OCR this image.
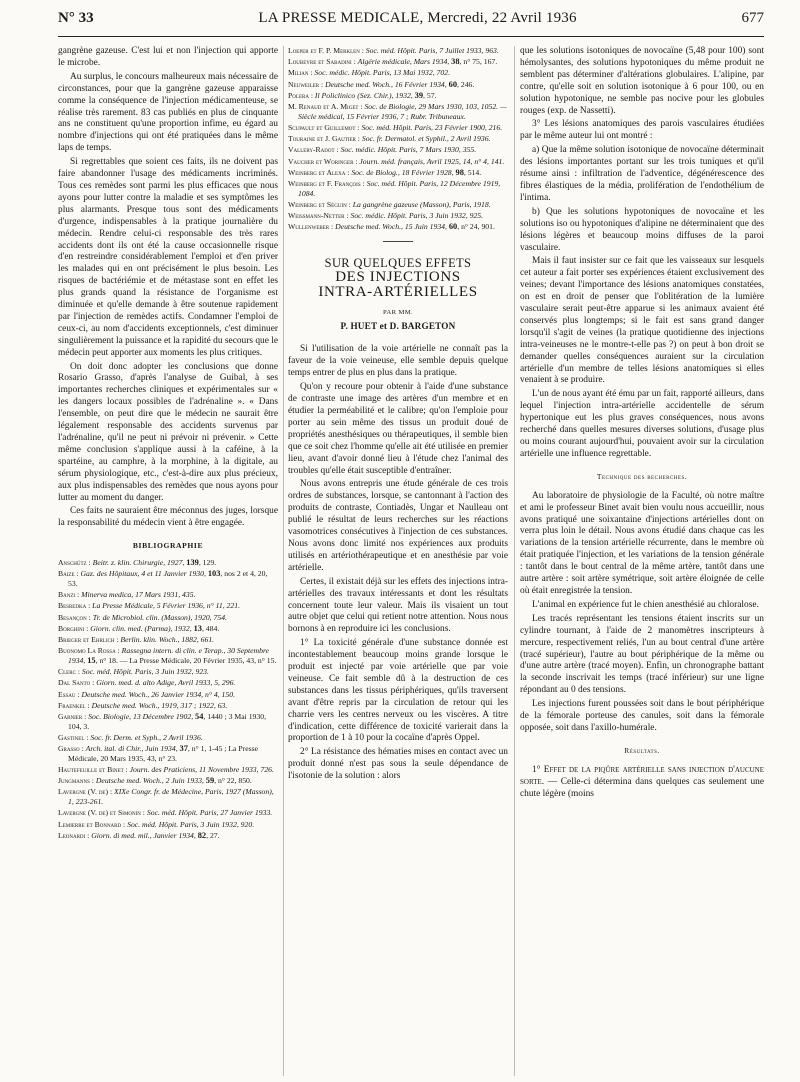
N° 33	LA PRESSE MEDICALE, Mercredi, 22 Avril 1936	677

gangrène gazeuse. C'est lui et non l'injection qui apporte le microbe.

Au surplus, le concours malheureux mais nécessaire de circonstances, pour que la gangrène gazeuse apparaisse comme la conséquence de l'injection médicamenteuse, se réalise très rarement. 83 cas publiés en plus de cinquante ans ne constituent qu'une proportion infime, eu égard au nombre d'injections qui ont été pratiquées dans le même laps de temps.

Si regrettables que soient ces faits, ils ne doivent pas faire abandonner l'usage des médicaments incriminés. Tous ces remèdes sont parmi les plus efficaces que nous ayons pour lutter contre la maladie et ses symptômes les plus alarmants. Presque tous sont des médicaments d'urgence, indispensables à la pratique journalière du médecin. Rendre celui-ci responsable des très rares accidents dont ils ont été la cause occasionnelle risque d'en restreindre considérablement l'emploi et d'en priver les malades qui en ont précisément le plus besoin. Les risques de bactériémie et de métastase sont en effet les plus grands quand la résistance de l'organisme est diminuée et qu'elle demande à être soutenue rapidement par l'injection de remèdes actifs. Condamner l'emploi de ceux-ci, au nom d'accidents exceptionnels, c'est diminuer singulièrement la puissance et la rapidité du secours que le médecin peut apporter aux moments les plus critiques.

On doit donc adopter les conclusions que donne Rosario Grasso, d'après l'analyse de Guibal, à ses importantes recherches cliniques et expérimentales sur « les dangers locaux possibles de l'adrénaline ». « Dans l'ensemble, on peut dire que le médecin ne saurait être légalement responsable des accidents survenus par l'adrénaline, qu'il ne peut ni prévoir ni prévenir. » Cette même conclusion s'applique aussi à la caféine, à la spartéine, au camphre, à la morphine, à la digitale, au sérum physiologique, etc., c'est-à-dire aux plus précieux, aux plus indispensables des remèdes que nous ayons pour lutter au moment du danger.

Ces faits ne sauraient être méconnus des juges, lorsque la responsabilité du médecin vient à être engagée.

BIBLIOGRAPHIE
Anschütz : Beitr. z. klin. Chirurgie, 1927, 139, 129.
Baize : Gaz. des Hôpitaux, 4 et 11 Janvier 1930, 103, nos 2 et 4, 20, 53.
Banzi : Minerva medica, 17 Mars 1931, 435.
Besredka : La Presse Médicale, 5 Février 1936, n° 11, 221.
Besançon : Tr. de Microbiol. clin. (Masson), 1920, 754.
Borghini : Giorn. clin. med. (Parma), 1932, 13, 484.
Brieger et Ehrlich : Berlin. klin. Woch., 1882, 661.
Buonomo La Rossa : Rassegna intern. di clin. e Terap., 30 Septembre 1934, 15, n° 18. — La Presse Médicale, 20 Février 1935, 43, n° 15.
Clerc : Soc. méd. Hôpit. Paris, 3 Juin 1932, 923.
Dal Santo : Giorn. med. d. alto Adige, Avril 1933, 5, 296.
Essau : Deutsche med. Woch., 26 Janvier 1934, n° 4, 150.
Fraenkel : Deutsche med. Woch., 1919, 317 ; 1922, 63.
Garnier : Soc. Biologie, 13 Décembre 1902, 54, 1440 ; 3 Mai 1930, 104, 3.
Gastinel : Soc. fr. Derm. et Syph., 2 Avril 1936.
Grasso : Arch. ital. di Chir., Juin 1934, 37, n° 1, 1-45 ; La Presse Médicale, 20 Mars 1935, 43, n° 23.
Hautefeuille et Binet : Journ. des Praticiens, 11 Novembre 1933, 726.
Jungmanns : Deutsche med. Woch., 2 Juin 1933, 59, n° 22, 850.
Lavergne (V. de) : XIXe Congr. fr. de Médecine, Paris, 1927 (Masson), 1, 223-261.
Lavergne (V. de) et Simonin : Soc. méd. Hôpit. Paris, 27 Janvier 1933.
Lemierre et Bonnard : Soc. méd. Hôpit. Paris, 3 Juin 1932, 920.
Leonardi : Giorn. di med. mil., Janvier 1934, 82, 27.
Loeper et F. P. Merklen : Soc. méd. Hôpit. Paris, 7 Juillet 1933, 963.
Loubeyre et Sabadini : Algérie médicale, Mars 1934, 38, n° 75, 167.
Milian : Soc. médic. Hôpit. Paris, 13 Mai 1932, 702.
Neuweiler : Deutsche med. Woch., 16 Février 1934, 60, 246.
Polera : Il Policlinico (Sez. Chir.), 1932, 39, 57.
M. Renaud et A. Miget : Soc. de Biologie, 29 Mars 1930, 103, 1052. — Siècle médical, 15 Février 1936, 7 ; Rubr. Tribuneaux.
Scupault et Guillemot : Soc. méd. Hôpit. Paris, 23 Février 1900, 216.
Touraine et J. Gautier : Soc. fr. Dermatol. et Syphil., 2 Avril 1936.
Vallery-Radot : Soc. médic. Hôpit. Paris, 7 Mars 1930, 355.
Vaucher et Woringer : Journ. méd. français, Avril 1925, 14, n° 4, 141.
Weinberg et Alexa : Soc. de Biolog., 18 Février 1928, 98, 514.
Weinberg et F. François : Soc. méd. Hôpit. Paris, 12 Décembre 1919, 1084.
Weinberg et Séguin : La gangrène gazeuse (Masson), Paris, 1918.
Weissmann-Netter : Soc. médic. Hôpit. Paris, 3 Juin 1932, 925.
Wullenweber : Deutsche med. Woch., 15 Juin 1934, 60, n° 24, 901.
SUR QUELQUES EFFETS
DES INJECTIONS
INTRA-ARTÉRIELLES
PAR MM.
P. HUET et D. BARGETON

Si l'utilisation de la voie artérielle ne connaît pas la faveur de la voie veineuse, elle semble depuis quelque temps entrer de plus en plus dans la pratique.

Qu'on y recoure pour obtenir à l'aide d'une substance de contraste une image des artères d'un membre et en étudier la perméabilité et le calibre; qu'on l'emploie pour porter au sein même des tissus un produit doué de propriétés anesthésiques ou thérapeutiques, il semble bien que ce soit chez l'homme qu'elle ait été utilisée en premier lieu, avant d'avoir donné lieu à l'étude chez l'animal des troubles qu'elle était susceptible d'entraîner.

Nous avons entrepris une étude générale de ces trois ordres de substances, lorsque, se cantonnant à l'action des produits de contraste, Contiadès, Ungar et Naulleau ont publié le résultat de leurs recherches sur les réactions vasomotrices consécutives à l'injection de ces substances. Nous avons donc limité nos expériences aux produits utilisés en artériothérapeutique et en anesthésie par voie artérielle.

Certes, il existait déjà sur les effets des injections intra-artérielles des travaux intéressants et dont les résultats concernent toute leur valeur. Mais ils visaient un tout autre objet que celui qui retient notre attention. Nous nous bornons à en reproduire ici les conclusions.

1° La toxicité générale d'une substance donnée est incontestablement beaucoup moins grande lorsque le produit est injecté par voie artérielle que par voie veineuse. Ce fait semble dû à la destruction de ces substances dans les tissus périphériques, qu'ils traversent avant d'être repris par la circulation de retour qui les charrie vers les centres nerveux ou les viscères. A titre d'indication, cette différence de toxicité varierait dans la proportion de 1 à 10 pour la cocaïne d'après Oppel.

2° La résistance des hématies mises en contact avec un produit donné n'est pas sous la seule dépendance de l'isotonie de la solution : alors

que les solutions isotoniques de novocaïne (5,48 pour 100) sont hémolysantes, des solutions hypotoniques du même produit ne semblent pas déterminer d'altérations globulaires. L'alipine, par contre, qu'elle soit en solution isotonique à 6 pour 100, ou en solution hypotonique, ne semble pas nocive pour les globules rouges (exp. de Nassetti).

3° Les lésions anatomiques des parois vasculaires étudiées par le même auteur lui ont montré :

a) Que la même solution isotonique de novocaïne déterminait des lésions importantes portant sur les trois tuniques et qu'il résume ainsi : infiltration de l'adventice, dégénérescence des fibres élastiques de la média, prolifération de l'endothélium de l'intima.

b) Que les solutions hypotoniques de novocaïne et les solutions iso ou hypotoniques d'alipine ne déterminaient que des lésions légères et beaucoup moins diffuses de la paroi vasculaire.

Mais il faut insister sur ce fait que les vaisseaux sur lesquels cet auteur a fait porter ses expériences étaient exclusivement des veines; devant l'importance des lésions anatomiques constatées, on est en droit de penser que l'oblitération de la lumière vasculaire serait peut-être apparue si les animaux avaient été conservés plus longtemps; si le fait est sans grand danger lorsqu'il s'agit de veines (la pratique quotidienne des injections intra-veineuses ne le montre-t-elle pas ?) on peut à bon droit se demander quelles conséquences auraient sur la circulation artérielle d'un membre de telles lésions anatomiques si elles venaient à se produire.

L'un de nous ayant été ému par un fait, rapporté ailleurs, dans lequel l'injection intra-artérielle accidentelle de sérum hypertonique eut les plus graves conséquences, nous avons recherché dans quelles mesures diverses solutions, d'usage plus ou moins courant aujourd'hui, pouvaient avoir sur la circulation artérielle une influence regrettable.

Technique des recherches.

Au laboratoire de physiologie de la Faculté, où notre maître et ami le professeur Binet avait bien voulu nous accueillir, nous avons pratiqué une soixantaine d'injections artérielles dont on verra plus loin le détail. Nous avons étudié dans chaque cas les variations de la tension artérielle récurrente, dans le membre où était pratiquée l'injection, et les variations de la tension générale : tantôt dans le bout central de la même artère, tantôt dans une autre artère : soit artère symétrique, soit artère éloignée de celle où était enregistrée la tension.

L'animal en expérience fut le chien anesthésié au chloralose.

Les tracés représentant les tensions étaient inscrits sur un cylindre tournant, à l'aide de 2 manomètres inscripteurs à mercure, respectivement reliés, l'un au bout central d'une artère (tracé supérieur), l'autre au bout périphérique de la même ou d'une autre artère (tracé moyen). Enfin, un chronographe battant la seconde inscrivait les temps (tracé inférieur) sur une ligne répondant au 0 des tensions.

Les injections furent poussées soit dans le bout périphérique de la fémorale porteuse des canules, soit dans la fémorale opposée, soit dans l'axillo-humérale.

Résultats.

1° Effet de la piqûre artérielle sans injection d'aucune sorte. — Celle-ci détermina dans quelques cas seulement une chute légère (moins
